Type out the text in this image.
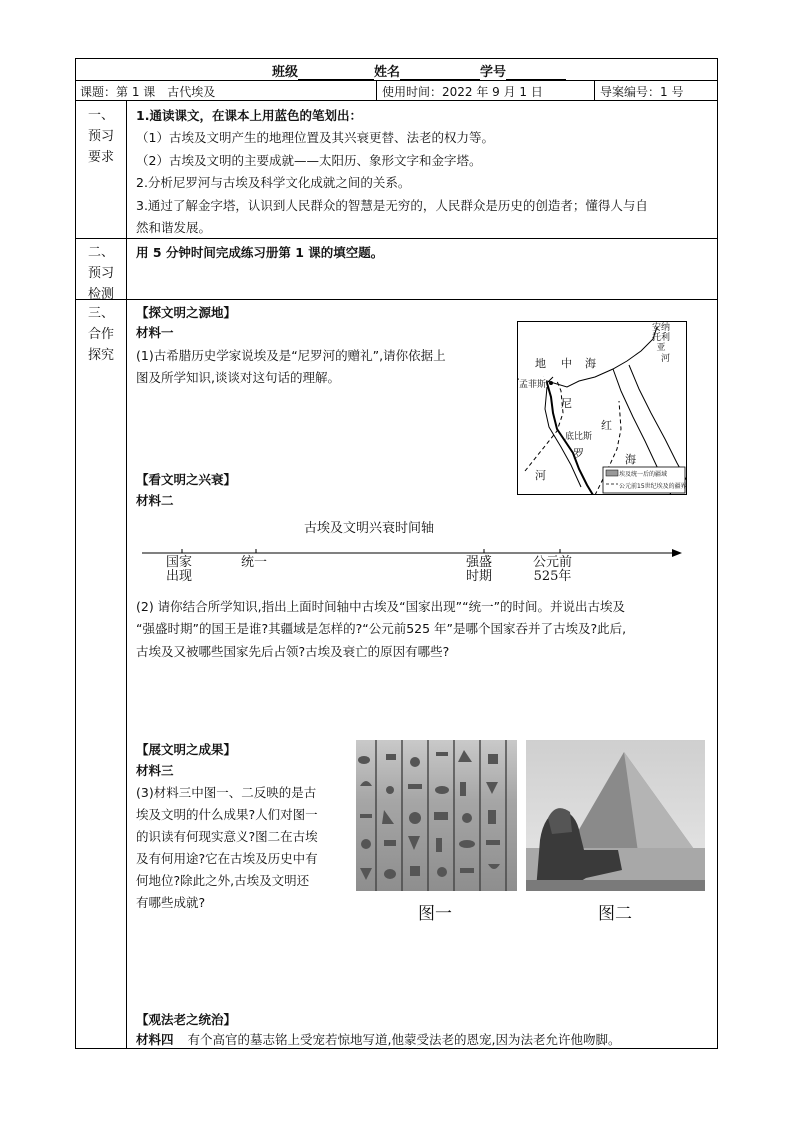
班级	姓名	学号
课题：第 1 课　古代埃及	使用时间：2022 年 9 月 1 日	导案编号：1 号
一、
预习
要求
1.通读课文，在课本上用蓝色的笔划出：
（1）古埃及文明产生的地理位置及其兴衰更替、法老的权力等。
（2）古埃及文明的主要成就——太阳历、象形文字和金字塔。
2.分析尼罗河与古埃及科学文化成就之间的关系。
3.通过了解金字塔，认识到人民群众的智慧是无穷的，人民群众是历史的创造者；懂得人与自
然和谐发展。
二、
预习
检测
用 5 分钟时间完成练习册第 1 课的填空题。
三、
合作
探究
【探文明之源地】
材料一
(1)古希腊历史学家说埃及是“尼罗河的赠礼”,请你依据上
图及所学知识,谈谈对这句话的理解。
安纳托利亚
地 中 海
孟菲斯
尼
红
底比斯
罗	海
河
河	埃及统一后的疆域
公元前15世纪埃及的疆界
【看文明之兴衰】
材料二
古埃及文明兴衰时间轴
国家
出现
统一	强盛
时期
公元前
525年
(2) 请你结合所学知识,指出上面时间轴中古埃及“国家出现”“统一”的时间。并说出古埃及
“强盛时期”的国王是谁?其疆域是怎样的?“公元前525 年”是哪个国家吞并了古埃及?此后,
古埃及又被哪些国家先后占领?古埃及衰亡的原因有哪些?
【展文明之成果】
材料三
(3)材料三中图一、二反映的是古
埃及文明的什么成果?人们对图一
的识读有何现实意义?图二在古埃
及有何用途?它在古埃及历史中有
何地位?除此之外,古埃及文明还
有哪些成就?
图一	图二
【观法老之统治】
材料四 有个高官的墓志铭上受宠若惊地写道,他蒙受法老的恩宠,因为法老允许他吻脚。
